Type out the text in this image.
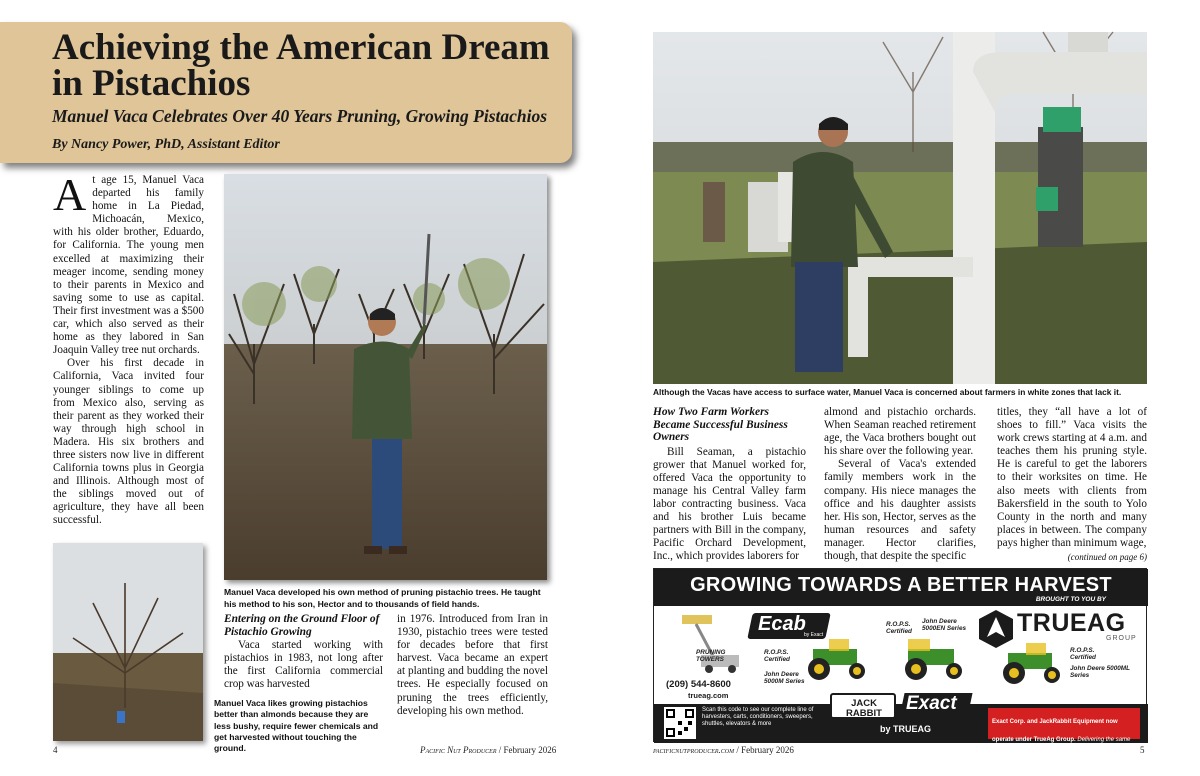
Achieving the American Dream in Pistachios
Manuel Vaca Celebrates Over 40 Years Pruning, Growing Pistachios
By Nancy Power, PhD, Assistant Editor

At age 15, Manuel Vaca departed his family home in La Piedad, Michoacán, Mexico, with his older brother, Eduardo, for California. The young men excelled at maximizing their meager income, sending money to their parents in Mexico and saving some to use as capital. Their first investment was a $500 car, which also served as their home as they labored in San Joaquin Valley tree nut orchards.

Over his first decade in California, Vaca invited four younger siblings to come up from Mexico also, serving as their parent as they worked their way through high school in Madera. His six brothers and three sisters now live in different California towns plus in Georgia and Illinois. Although most of the siblings moved out of agriculture, they have all been successful.

Manuel Vaca developed his own method of pruning pistachio trees. He taught his method to his son, Hector and to thousands of field hands.
Manuel Vaca likes growing pistachios better than almonds because they are less bushy, require fewer chemicals and get harvested without touching the ground.
Entering on the Ground Floor of Pistachio Growing

Vaca started working with pistachios in 1983, not long after the first California commercial crop was harvested

in 1976. Introduced from Iran in 1930, pistachio trees were tested for decades before that first harvest. Vaca became an expert at planting and budding the novel trees. He especially focused on pruning the trees efficiently, developing his own method.

4	Pacific Nut Producer / February 2026
Although the Vacas have access to surface water, Manuel Vaca is concerned about farmers in white zones that lack it.
How Two Farm Workers Became Successful Business Owners

Bill Seaman, a pistachio grower that Manuel worked for, offered Vaca the opportunity to manage his Central Valley farm labor contracting business. Vaca and his brother Luis became partners with Bill in the company, Pacific Orchard Development, Inc., which provides laborers for

almond and pistachio orchards. When Seaman reached retirement age, the Vaca brothers bought out his share over the following year.

Several of Vaca's extended family members work in the company. His niece manages the office and his daughter assists her. His son, Hector, serves as the human resources and safety manager. Hector clarifies, though, that despite the specific

titles, they “all have a lot of shoes to fill.” Vaca visits the work crews starting at 4 a.m. and teaches them his pruning style. He is careful to get the laborers to their worksites on time. He also meets with clients from Bakersfield in the south to Yolo County in the north and many places in between. The company pays higher than minimum wage,

(continued on page 6)
GROWING TOWARDS A BETTER HARVEST
BROUGHT TO YOU BY
Ecab
by Exact	TRUEAG
GROUP
PRUNING TOWERS
R.O.P.S. Certified
John Deere 5000M Series
R.O.P.S. Certified
John Deere 5000EN Series
R.O.P.S. Certified
John Deere 5000ML Series
(209) 544-8600
trueag.com
Scan this code to see our complete line of harvesters, carts, conditioners, sweepers, shuttles, elevators & more
JACK RABBIT	Exact
by TRUEAG
Exact Corp. and JackRabbit Equipment now operate under TrueAg Group. Delivering the same trusted quality and performance growers depend on.
pacificnutproducer.com / February 2026	5
